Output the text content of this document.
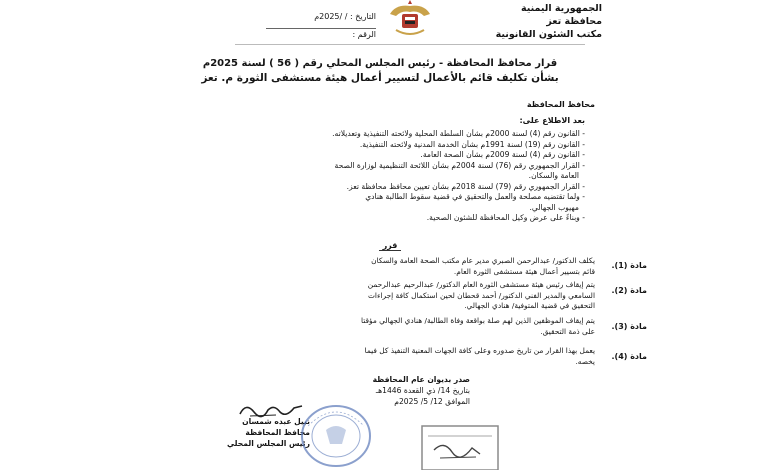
الجمهورية اليمنية
محافظة تعز
مكتب الشئون القانونية
التاريخ : / /2025م
الرقم :
قرار محافظ المحافظة - رئيس المجلس المحلي رقم ( 56 ) لسنة 2025م
بشأن تكليف قائم بالأعمال لتسيير أعمال هيئة مستشفى الثورة م. تعز
محافظ المحافظة
بعد الاطلاع على:
- القانون رقم (4) لسنة 2000م بشأن السلطة المحلية ولائحته التنفيذية وتعديلاته.
- القانون رقم (19) لسنة 1991م بشأن الخدمة المدنية ولائحته التنفيذية.
- القانون رقم (4) لسنة 2009م بشأن الصحة العامة.
- القرار الجمهوري رقم (76) لسنة 2004م بشأن اللائحة التنظيمية لوزارة الصحة
العامة والسكان.
- القرار الجمهوري رقم (79) لسنة 2018م بشأن تعيين محافظ محافظة تعز.
- ولما تقتضيه مصلحة والعمل والتحقيق في قضية سقوط الطالبة هنادي
مهيوب الجهالي.
- وبناءً على عرض وكيل المحافظة للشئون الصحية.
قرر
مادة (1).
يكلف الدكتور/ عبدالرحمن الصبري مدير عام مكتب الصحة العامة والسكان
قائم بتسيير أعمال هيئة مستشفى الثورة العام.
مادة (2).
يتم إيقاف رئيس هيئة مستشفى الثورة العام الدكتور/ عبدالرحيم عبدالرحمن
السامعي والمدير الفني الدكتور/ أحمد قحطان لحين استكمال كافة إجراءات
التحقيق في قضية المتوفية/ هنادي الجهالي.
مادة (3).
يتم إيقاف الموظفين الذين لهم صلة بواقعة وفاة الطالبة/ هنادي الجهالي مؤقتا
على ذمة التحقيق.
مادة (4).
يعمل بهذا القرار من تاريخ صدوره وعلى كافة الجهات المعنية التنفيذ كل فيما
يخصه.
صدر بديوان عام المحافظة
بتاريخ 14/ ذي القعدة 1446هـ
الموافق 12/ 5/ 2025م
نبيل عبده شمسان
محافظ المحافظة
رئيس المجلس المحلي
